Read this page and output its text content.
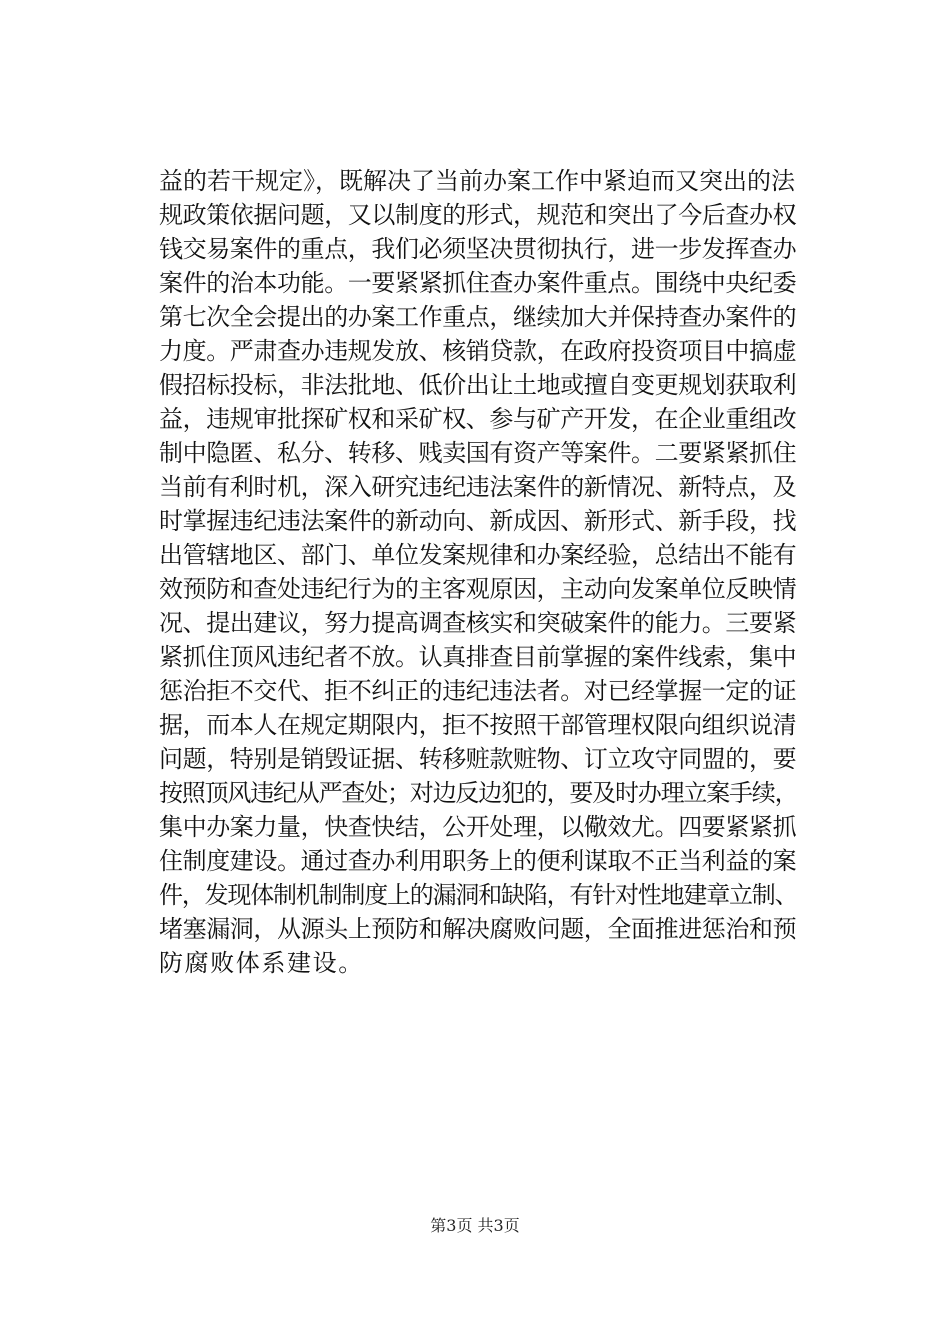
益的若干规定》，既解决了当前办案工作中紧迫而又突出的法
规政策依据问题，又以制度的形式，规范和突出了今后查办权
钱交易案件的重点，我们必须坚决贯彻执行，进一步发挥查办
案件的治本功能。一要紧紧抓住查办案件重点。围绕中央纪委
第七次全会提出的办案工作重点，继续加大并保持查办案件的
力度。严肃查办违规发放、核销贷款，在政府投资项目中搞虚
假招标投标，非法批地、低价出让土地或擅自变更规划获取利
益，违规审批探矿权和采矿权、参与矿产开发，在企业重组改
制中隐匿、私分、转移、贱卖国有资产等案件。二要紧紧抓住
当前有利时机，深入研究违纪违法案件的新情况、新特点，及
时掌握违纪违法案件的新动向、新成因、新形式、新手段，找
出管辖地区、部门、单位发案规律和办案经验，总结出不能有
效预防和查处违纪行为的主客观原因，主动向发案单位反映情
况、提出建议，努力提高调查核实和突破案件的能力。三要紧
紧抓住顶风违纪者不放。认真排查目前掌握的案件线索，集中
惩治拒不交代、拒不纠正的违纪违法者。对已经掌握一定的证
据，而本人在规定期限内，拒不按照干部管理权限向组织说清
问题，特别是销毁证据、转移赃款赃物、订立攻守同盟的，要
按照顶风违纪从严查处；对边反边犯的，要及时办理立案手续，
集中办案力量，快查快结，公开处理，以儆效尤。四要紧紧抓
住制度建设。通过查办利用职务上的便利谋取不正当利益的案
件，发现体制机制制度上的漏洞和缺陷，有针对性地建章立制、
堵塞漏洞，从源头上预防和解决腐败问题，全面推进惩治和预
防腐败体系建设。
第3页 共3页
